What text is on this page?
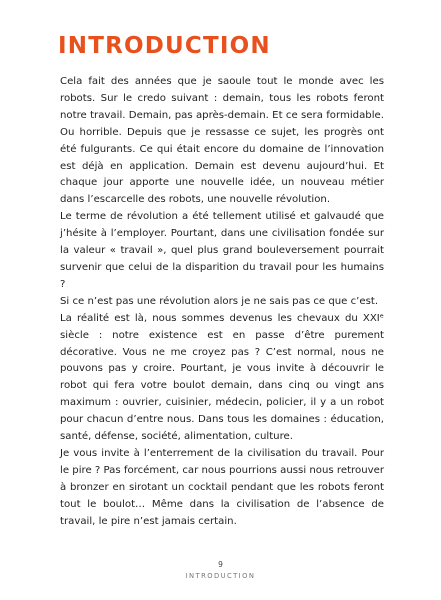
INTRODUCTION

Cela fait des années que je saoule tout le monde avec les robots. Sur le credo suivant : demain, tous les robots feront notre travail. Demain, pas après-demain. Et ce sera formidable. Ou horrible. Depuis que je ressasse ce sujet, les progrès ont été fulgurants. Ce qui était encore du domaine de l’innovation est déjà en application. Demain est devenu aujourd’hui. Et chaque jour apporte une nouvelle idée, un nouveau métier dans l’escarcelle des robots, une nouvelle révolution.

Le terme de révolution a été tellement utilisé et galvaudé que j’hésite à l’employer. Pourtant, dans une civilisation fondée sur la valeur « travail », quel plus grand bouleversement pourrait survenir que celui de la disparition du travail pour les humains ?

Si ce n’est pas une révolution alors je ne sais pas ce que c’est.

La réalité est là, nous sommes devenus les chevaux du XXIᵉ siècle : notre existence est en passe d’être purement décorative. Vous ne me croyez pas ? C’est normal, nous ne pouvons pas y croire. Pourtant, je vous invite à découvrir le robot qui fera votre boulot demain, dans cinq ou vingt ans maximum : ouvrier, cuisinier, médecin, policier, il y a un robot pour chacun d’entre nous. Dans tous les domaines : éducation, santé, défense, société, alimentation, culture.

Je vous invite à l’enterrement de la civilisation du travail. Pour le pire ? Pas forcément, car nous pourrions aussi nous retrouver à bronzer en sirotant un cocktail pendant que les robots feront tout le boulot… Même dans la civilisation de l’absence de travail, le pire n’est jamais certain.

9
INTRODUCTION
